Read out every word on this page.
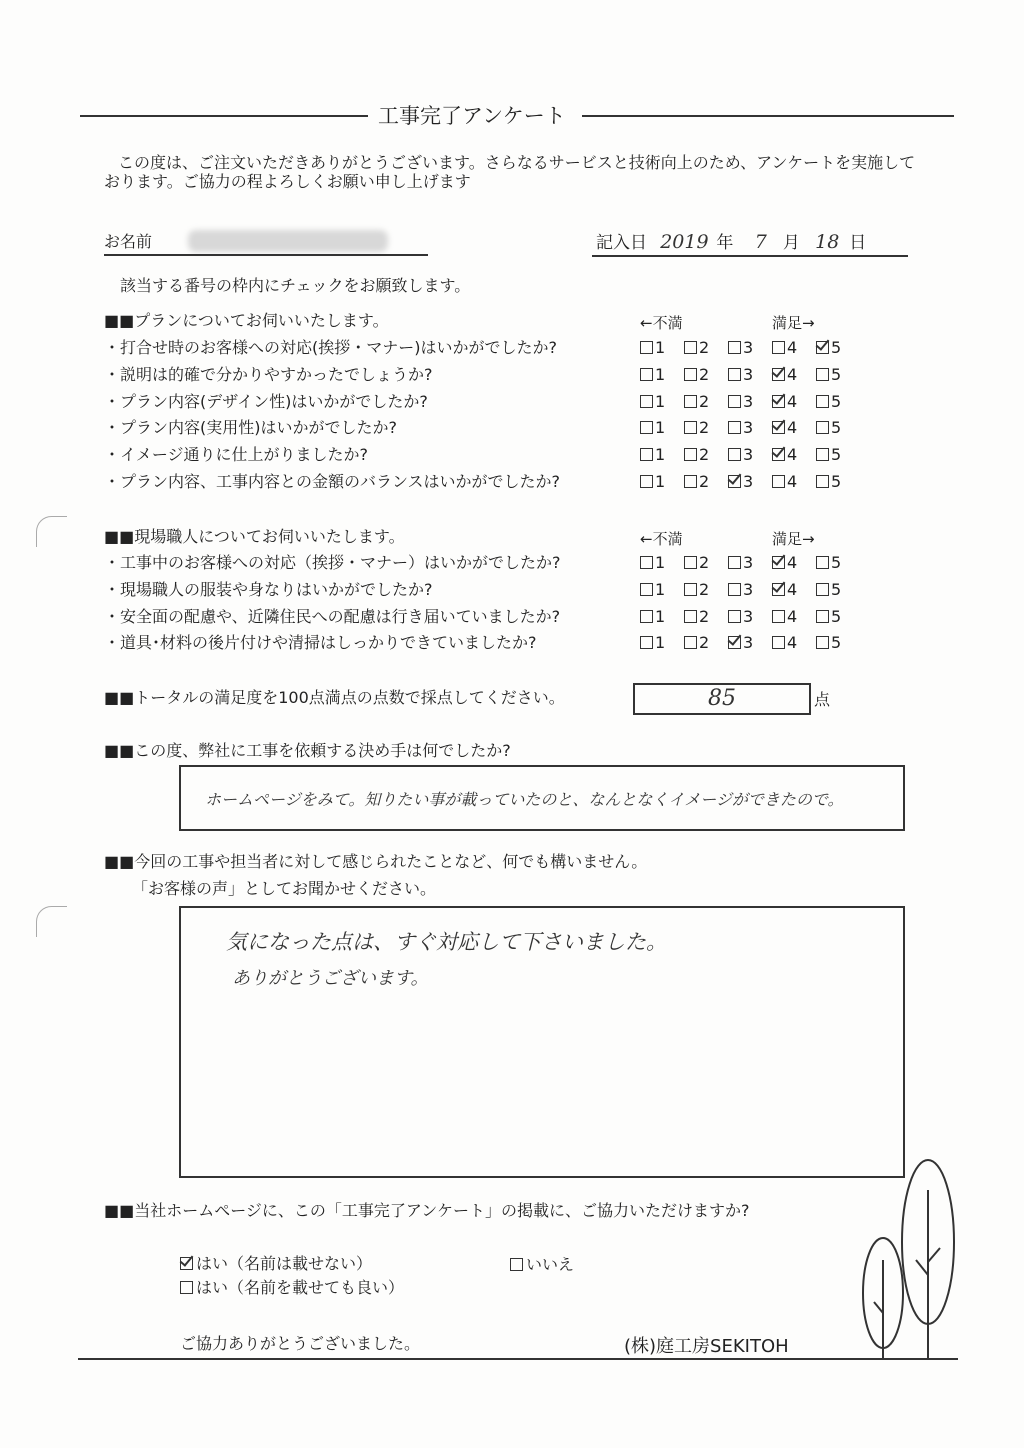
工事完了アンケート
この度は、ご注文いただきありがとうございます。さらなるサービスと技術向上のため、アンケートを実施して
おります。ご協力の程よろしくお願い申し上げます
お名前	記入日 2019 年 7 月 18 日
該当する番号の枠内にチェックをお願致します。
■■プランについてお伺いいたします。	←不満	満足→
・打合せ時のお客様への対応(挨拶・マナー)はいかがでしたか?	1	2	3	4	5
・説明は的確で分かりやすかったでしょうか?	1	2	3	4	5
・プラン内容(デザイン性)はいかがでしたか?	1	2	3	4	5
・プラン内容(実用性)はいかがでしたか?	1	2	3	4	5
・イメージ通りに仕上がりましたか?	1	2	3	4	5
・プラン内容、工事内容との金額のバランスはいかがでしたか?	1	2	3	4	5
■■現場職人についてお伺いいたします。	←不満	満足→
・工事中のお客様への対応（挨拶・マナー）はいかがでしたか?	1	2	3	4	5
・現場職人の服装や身なりはいかがでしたか?	1	2	3	4	5
・安全面の配慮や、近隣住民への配慮は行き届いていましたか?	1	2	3	4	5
・道具･材料の後片付けや清掃はしっかりできていましたか?	1	2	3	4	5
■■トータルの満足度を100点満点の点数で採点してください。	85	点
■■この度、弊社に工事を依頼する決め手は何でしたか?
ホームページをみて。知りたい事が載っていたのと、なんとなくイメージができたので。
■■今回の工事や担当者に対して感じられたことなど、何でも構いません。
「お客様の声」としてお聞かせください。
気になった点は、すぐ対応して下さいました。
ありがとうございます。
■■当社ホームページに、この「工事完了アンケート」の掲載に、ご協力いただけますか?
はい（名前は載せない）
はい（名前を載せても良い）
いいえ
ご協力ありがとうございました。	(株)庭工房SEKITOH
